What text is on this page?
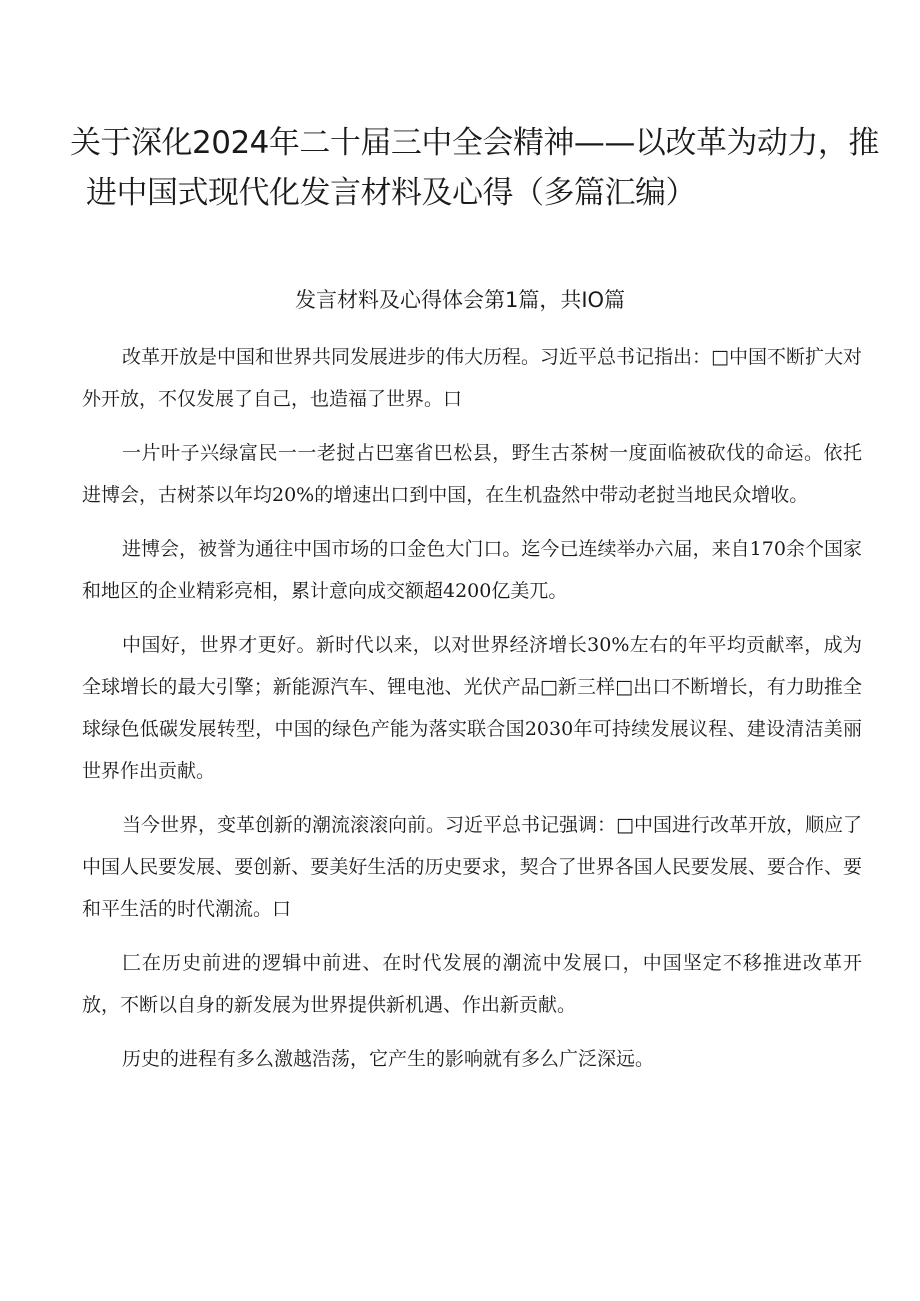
关于深化2024年二十届三中全会精神——以改革为动力，推
进中国式现代化发言材料及心得（多篇汇编）
发言材料及心得体会第1篇，共IO篇

改革开放是中国和世界共同发展进步的伟大历程。习近平总书记指出：□中国不断扩大对外开放，不仅发展了自己，也造福了世界。口

一片叶子兴绿富民一一老挝占巴塞省巴松县，野生古茶树一度面临被砍伐的命运。依托进博会，古树茶以年均20%的增速出口到中国，在生机盎然中带动老挝当地民众增收。

进博会，被誉为通往中国市场的口金色大门口。迄今已连续举办六届，来自170余个国家和地区的企业精彩亮相，累计意向成交额超4200亿美兀。

中国好，世界才更好。新时代以来，以对世界经济增长30%左右的年平均贡献率，成为全球增长的最大引擎；新能源汽车、锂电池、光伏产品□新三样□出口不断增长，有力助推全球绿色低碳发展转型，中国的绿色产能为落实联合国2030年可持续发展议程、建设清洁美丽世界作出贡献。

当今世界，变革创新的潮流滚滚向前。习近平总书记强调：□中国进行改革开放，顺应了中国人民要发展、要创新、要美好生活的历史要求，契合了世界各国人民要发展、要合作、要和平生活的时代潮流。口

匚在历史前进的逻辑中前进、在时代发展的潮流中发展口，中国坚定不移推进改革开放，不断以自身的新发展为世界提供新机遇、作出新贡献。

历史的进程有多么激越浩荡，它产生的影响就有多么广泛深远。
